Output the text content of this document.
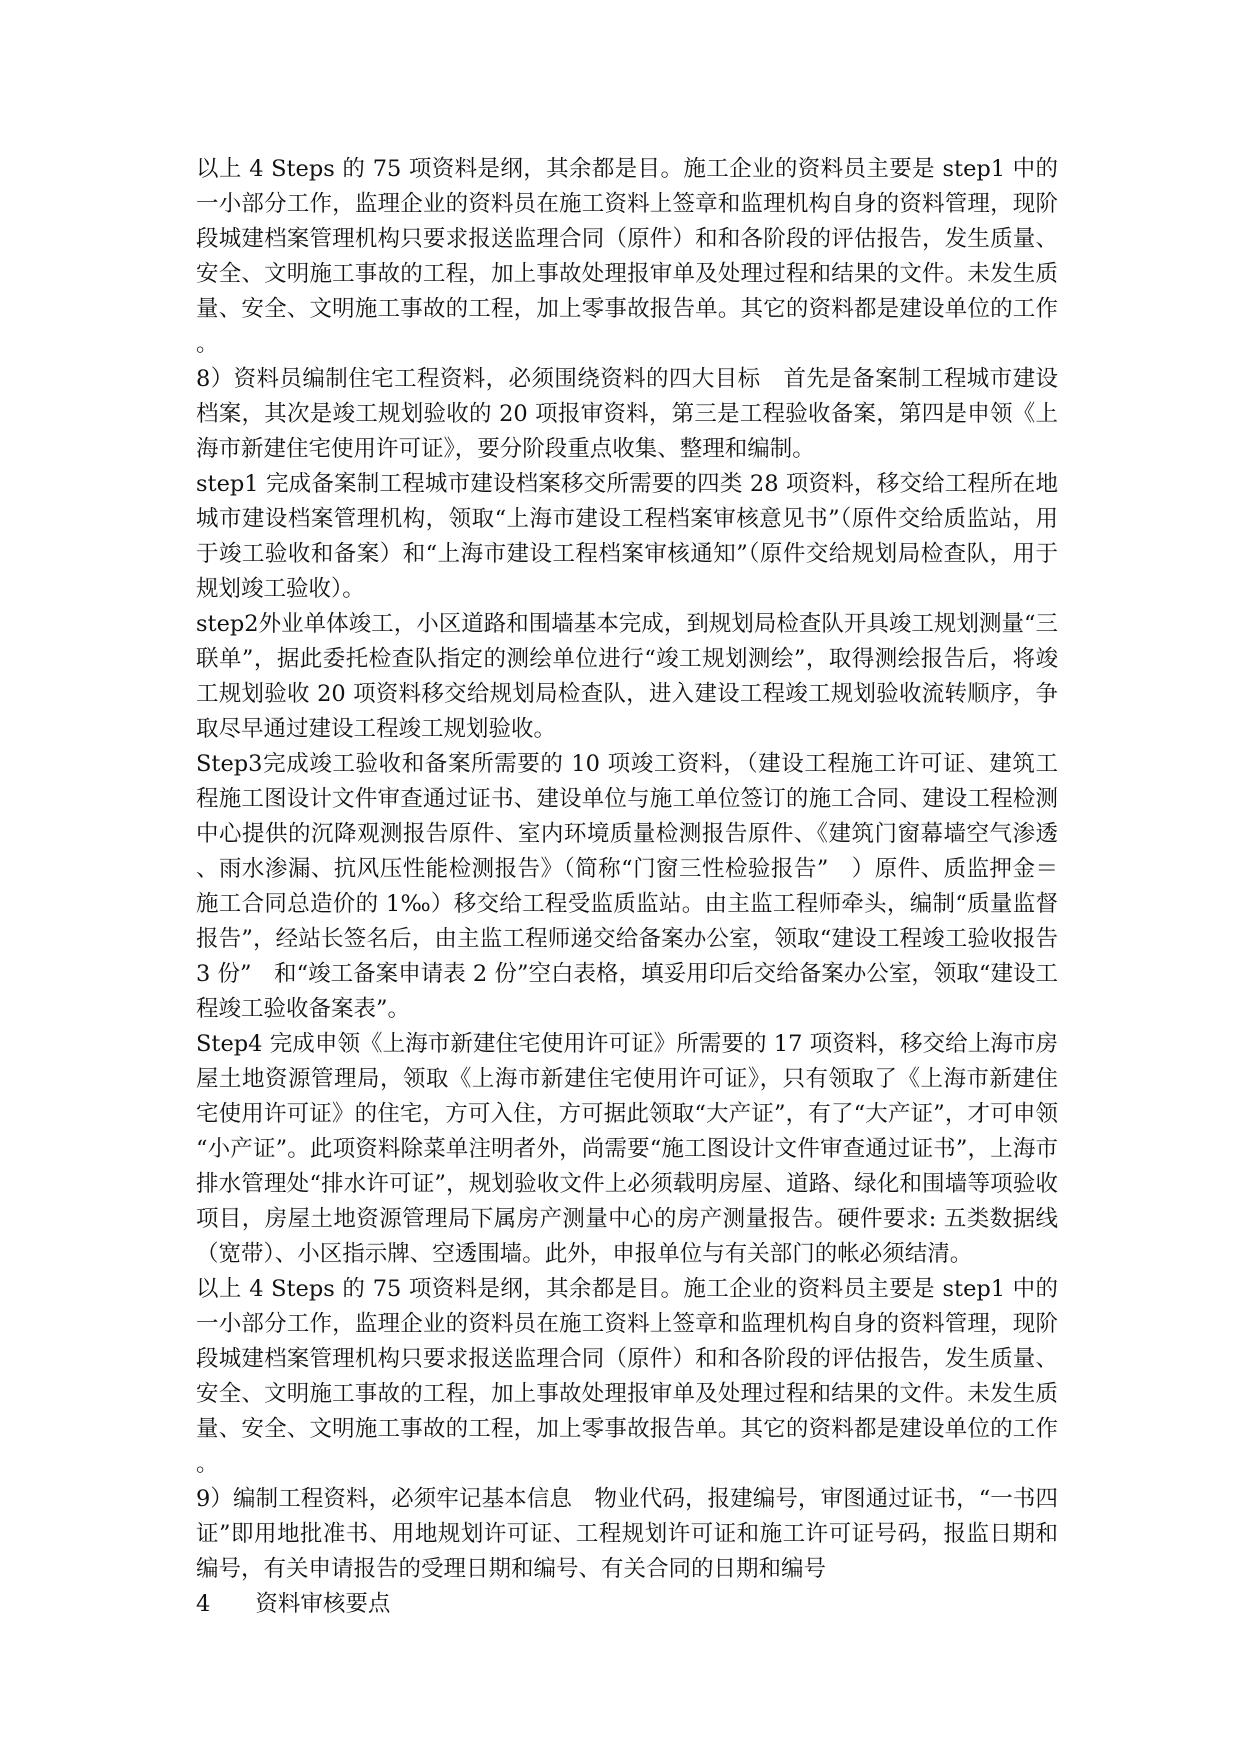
以上 4 Steps 的 75 项资料是纲，其余都是目。施工企业的资料员主要是 step1 中的一小部分工作，监理企业的资料员在施工资料上签章和监理机构自身的资料管理，现阶段城建档案管理机构只要求报送监理合同（原件）和和各阶段的评估报告，发生质量、安全、文明施工事故的工程，加上事故处理报审单及处理过程和结果的文件。未发生质量、安全、文明施工事故的工程，加上零事故报告单。其它的资料都是建设单位的工作。

8）资料员编制住宅工程资料，必须围绕资料的四大目标　首先是备案制工程城市建设档案，其次是竣工规划验收的 20 项报审资料，第三是工程验收备案，第四是申领《上海市新建住宅使用许可证》，要分阶段重点收集、整理和编制。

step1 完成备案制工程城市建设档案移交所需要的四类 28 项资料，移交给工程所在地城市建设档案管理机构，领取“上海市建设工程档案审核意见书”（原件交给质监站，用于竣工验收和备案）和“上海市建设工程档案审核通知”（原件交给规划局检查队，用于规划竣工验收）。

step2外业单体竣工，小区道路和围墙基本完成，到规划局检查队开具竣工规划测量“三联单”，据此委托检查队指定的测绘单位进行“竣工规划测绘”，取得测绘报告后，将竣工规划验收 20 项资料移交给规划局检查队，进入建设工程竣工规划验收流转顺序，争取尽早通过建设工程竣工规划验收。

Step3完成竣工验收和备案所需要的 10 项竣工资料，（建设工程施工许可证、建筑工程施工图设计文件审查通过证书、建设单位与施工单位签订的施工合同、建设工程检测中心提供的沉降观测报告原件、室内环境质量检测报告原件、《建筑门窗幕墙空气渗透、雨水渗漏、抗风压性能检测报告》（简称“门窗三性检验报告”　）原件、质监押金＝施工合同总造价的 1‰）移交给工程受监质监站。由主监工程师牵头，编制“质量监督报告”，经站长签名后，由主监工程师递交给备案办公室，领取“建设工程竣工验收报告 3 份”　和“竣工备案申请表 2 份”空白表格，填妥用印后交给备案办公室，领取“建设工程竣工验收备案表”。

Step4 完成申领《上海市新建住宅使用许可证》所需要的 17 项资料，移交给上海市房屋土地资源管理局，领取《上海市新建住宅使用许可证》，只有领取了《上海市新建住宅使用许可证》的住宅，方可入住，方可据此领取“大产证”，有了“大产证”，才可申领“小产证”。此项资料除菜单注明者外，尚需要“施工图设计文件审查通过证书”，上海市排水管理处“排水许可证”，规划验收文件上必须载明房屋、道路、绿化和围墙等项验收项目，房屋土地资源管理局下属房产测量中心的房产测量报告。硬件要求: 五类数据线（宽带）、小区指示牌、空透围墙。此外，申报单位与有关部门的帐必须结清。

以上 4 Steps 的 75 项资料是纲，其余都是目。施工企业的资料员主要是 step1 中的一小部分工作，监理企业的资料员在施工资料上签章和监理机构自身的资料管理，现阶段城建档案管理机构只要求报送监理合同（原件）和和各阶段的评估报告，发生质量、安全、文明施工事故的工程，加上事故处理报审单及处理过程和结果的文件。未发生质量、安全、文明施工事故的工程，加上零事故报告单。其它的资料都是建设单位的工作。

9）编制工程资料，必须牢记基本信息　物业代码，报建编号，审图通过证书，“一书四证”即用地批准书、用地规划许可证、工程规划许可证和施工许可证号码，报监日期和编号，有关申请报告的受理日期和编号、有关合同的日期和编号

4　　资料审核要点
